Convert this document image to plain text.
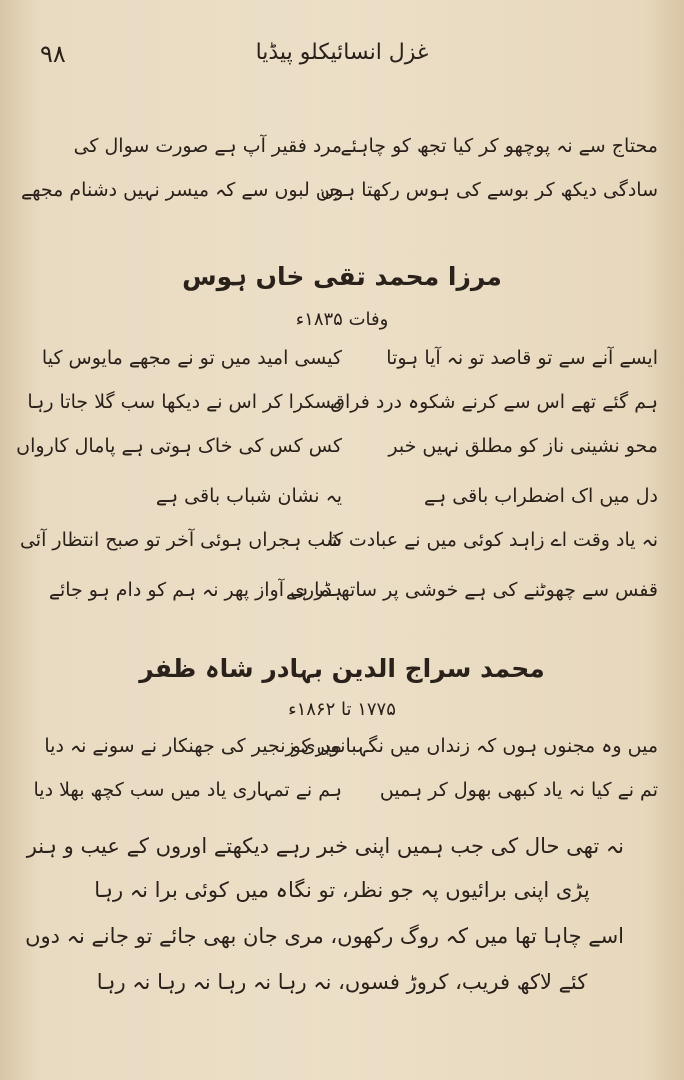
۹۸	غزل انسائیکلو پیڈیا
محتاج سے نہ پوچھو کر کیا تجھ کو چاہئے
مرد فقیر آپ ہے صورت سوال کی
سادگی دیکھ کر بوسے کی ہوس رکھتا ہوں
جن لبوں سے کہ میسر نہیں دشنام مجھے
مرزا محمد تقی خاں ہوس
وفات ۱۸۳۵ء
ایسے آنے سے تو قاصد تو نہ آیا ہوتا
کیسی امید میں تو نے مجھے مایوس کیا
ہم گئے تھے اس سے کرنے شکوہ درد فراق
مسکرا کر اس نے دیکھا سب گلا جاتا رہا
محو نشینی ناز کو مطلق نہیں خبر
کس کس کی خاک ہوتی ہے پامال کارواں
دل میں اک اضطراب باقی ہے
یہ نشان شباب باقی ہے
نہ یاد وقت اے زاہد کوئی میں نے عبادت کا
شب ہجراں ہوئی آخر تو صبح انتظار آئی
قفس سے چھوٹنے کی ہے خوشی پر ساتھ ڈر ہے
ہماری آواز پھر نہ ہم کو دام ہو جائے
محمد سراج الدین بہادر شاہ ظفر
۱۷۷۵ تا ۱۸۶۲ء
میں وہ مجنوں ہوں کہ زنداں میں نگہبانوں کو
میری زنجیر کی جھنکار نے سونے نہ دیا
تم نے کیا نہ یاد کبھی بھول کر ہمیں
ہم نے تمہاری یاد میں سب کچھ بھلا دیا
نہ تھی حال کی جب ہمیں اپنی خبر رہے دیکھتے اوروں کے عیب و ہنر
پڑی اپنی برائیوں پہ جو نظر، تو نگاہ میں کوئی برا نہ رہا
اسے چاہا تھا میں کہ روگ رکھوں، مری جان بھی جائے تو جانے نہ دوں
کئے لاکھ فریب، کروڑ فسوں، نہ رہا نہ رہا نہ رہا نہ رہا
